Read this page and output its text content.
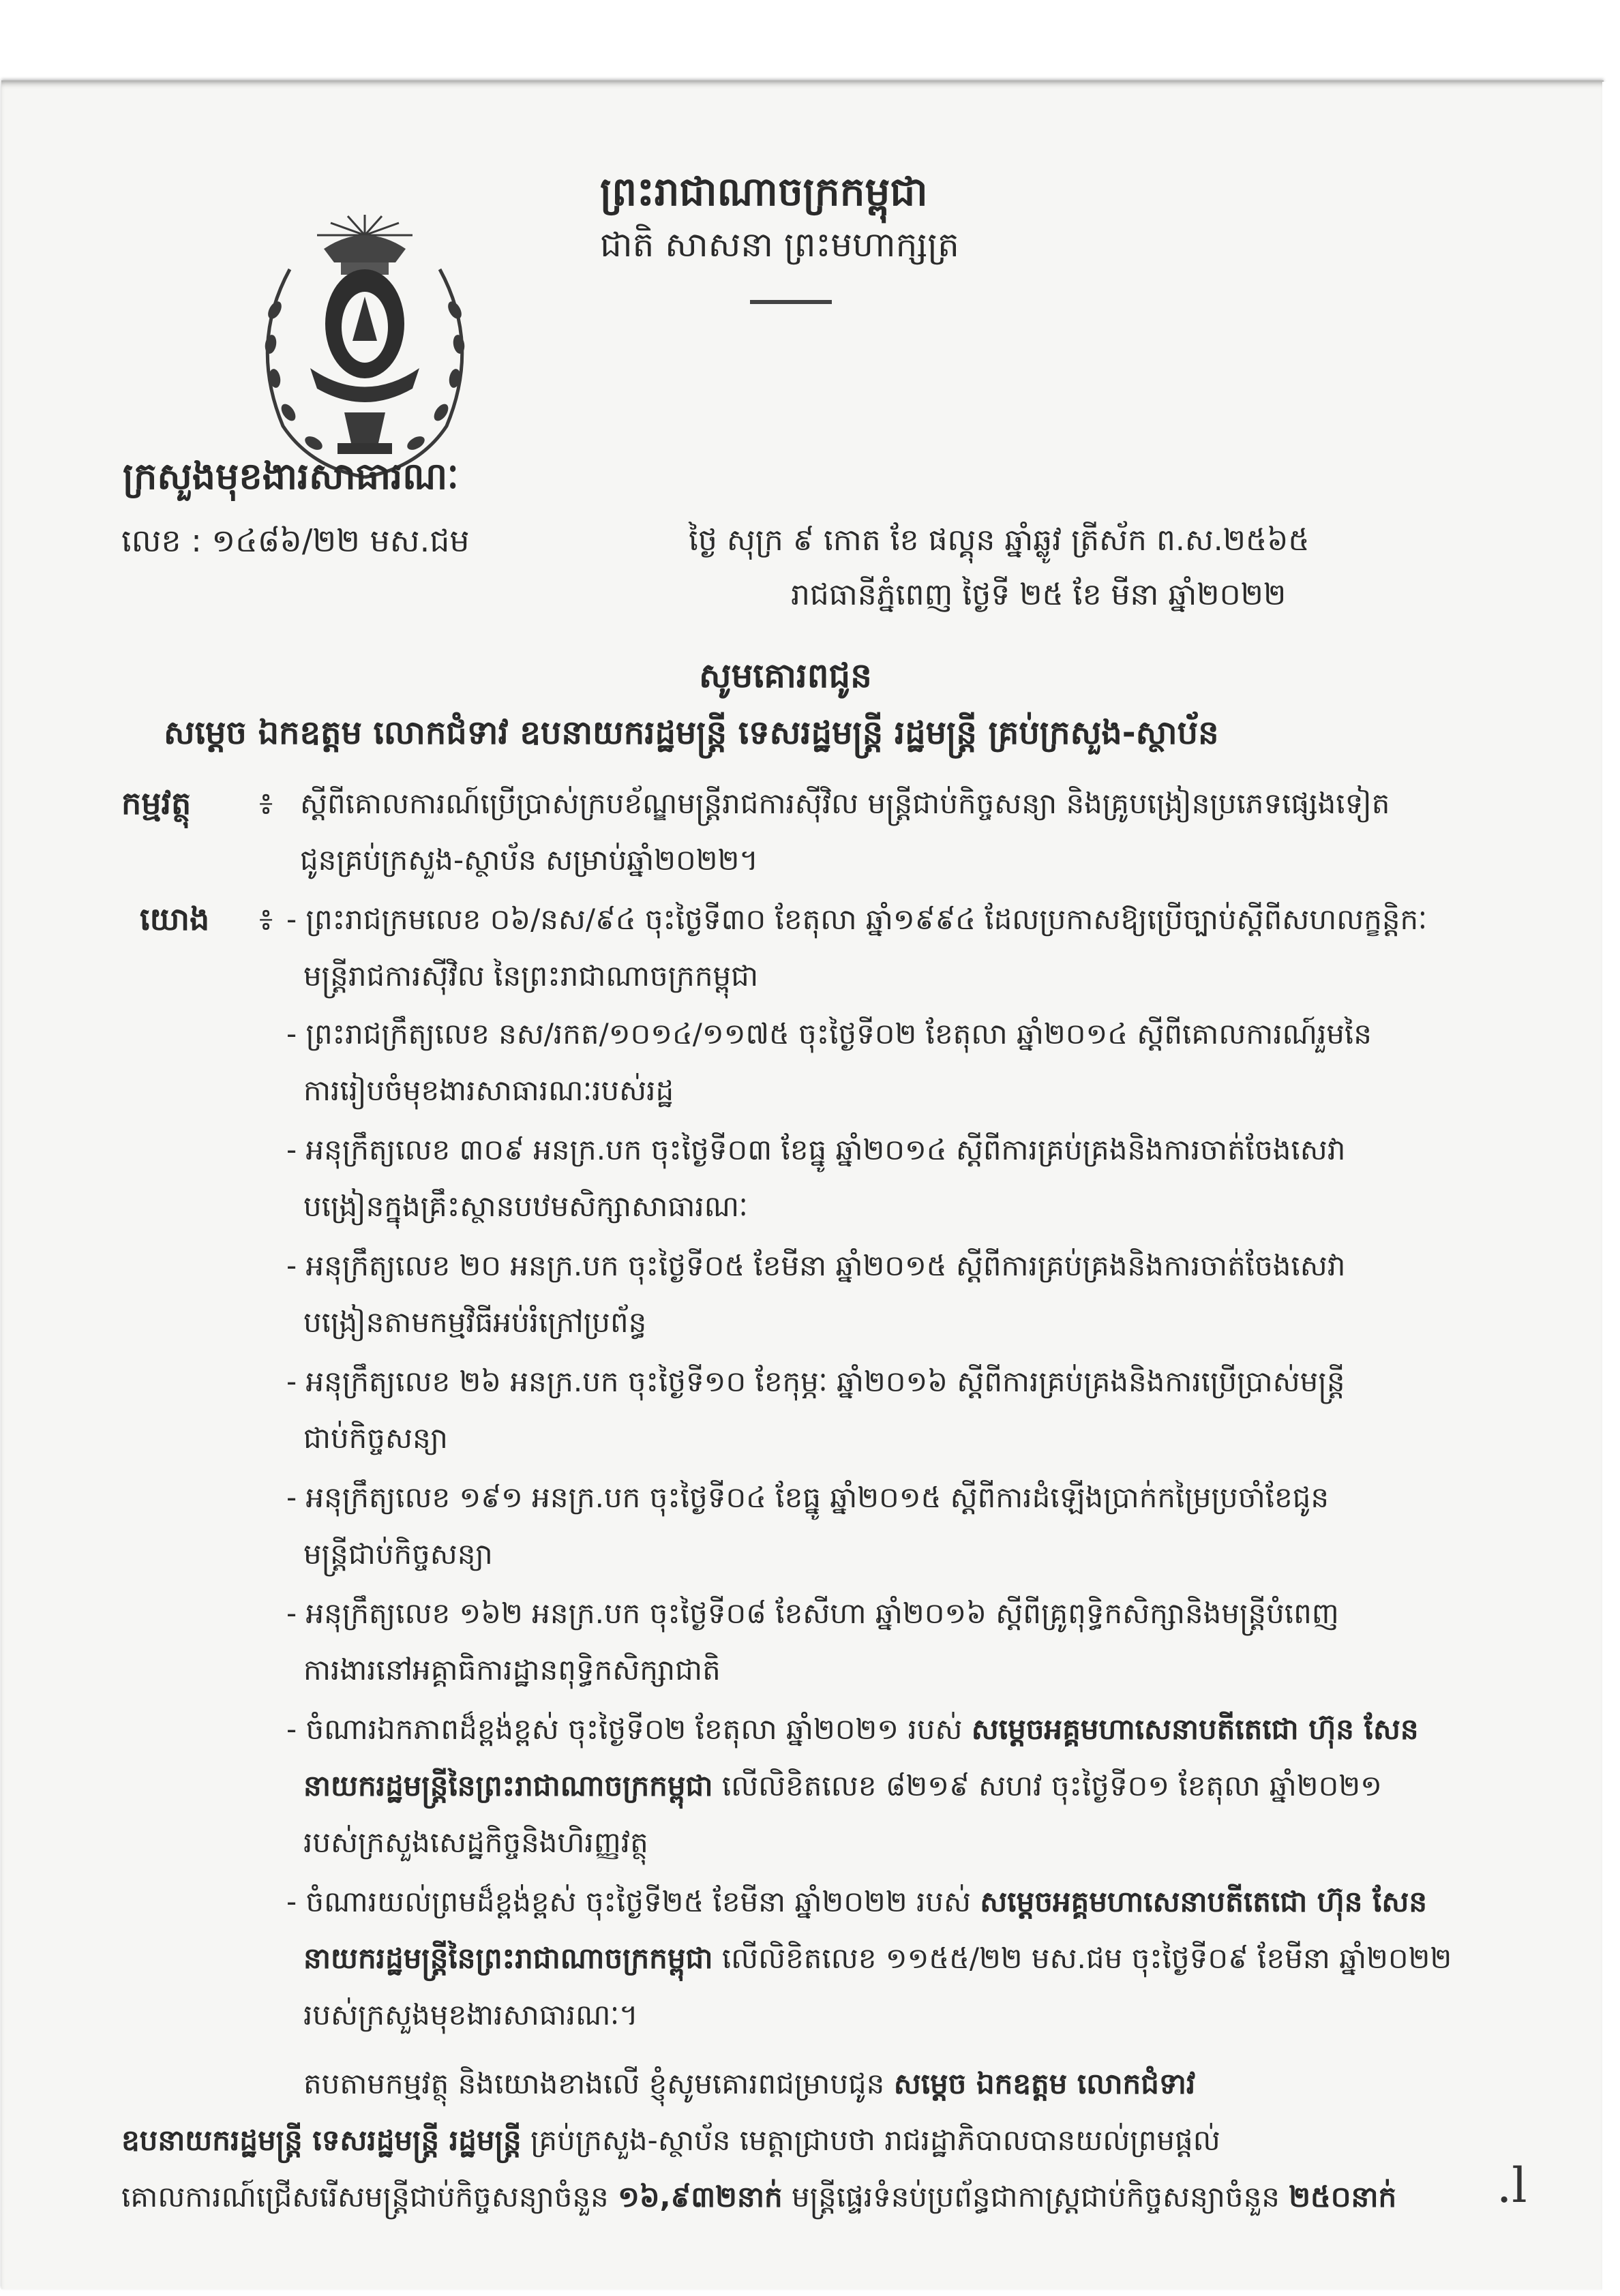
ព្រះរាជាណាចក្រកម្ពុជា
ជាតិ សាសនា ព្រះមហាក្សត្រ
ក្រសួងមុខងារសាធារណៈ
លេខ : ១៤៨៦/២២ មស.ជម	ថ្ងៃ សុក្រ ៩ កោត ខែ ផល្គុន ឆ្នាំឆ្លូវ ត្រីស័ក ព.ស.២៥៦៥
រាជធានីភ្នំពេញ ថ្ងៃទី ២៥ ខែ មីនា ឆ្នាំ២០២២
សូមគោរពជូន
សម្តេច ឯកឧត្តម លោកជំទាវ ឧបនាយករដ្ឋមន្ត្រី ទេសរដ្ឋមន្ត្រី រដ្ឋមន្ត្រី គ្រប់ក្រសួង-ស្ថាប័ន
កម្មវត្ថុ ៖ ស្តីពីគោលការណ៍ប្រើប្រាស់ក្របខ័ណ្ឌមន្ត្រីរាជការស៊ីវិល មន្ត្រីជាប់កិច្ចសន្យា និងគ្រូបង្រៀនប្រភេទផ្សេងទៀត
ជូនគ្រប់ក្រសួង-ស្ថាប័ន សម្រាប់ឆ្នាំ២០២២។
យោង ៖ - ព្រះរាជក្រមលេខ ០៦/នស/៩៤ ចុះថ្ងៃទី៣០ ខែតុលា ឆ្នាំ១៩៩៤ ដែលប្រកាសឱ្យប្រើច្បាប់ស្តីពីសហលក្ខន្តិកៈ
មន្ត្រីរាជការស៊ីវិល នៃព្រះរាជាណាចក្រកម្ពុជា
- ព្រះរាជក្រឹត្យលេខ នស/រកត/១០១៤/១១៧៥ ចុះថ្ងៃទី០២ ខែតុលា ឆ្នាំ២០១៤ ស្តីពីគោលការណ៍រួមនៃ
ការរៀបចំមុខងារសាធារណៈរបស់រដ្ឋ
- អនុក្រឹត្យលេខ ៣០៩ អនក្រ.បក ចុះថ្ងៃទី០៣ ខែធ្នូ ឆ្នាំ២០១៤ ស្តីពីការគ្រប់គ្រងនិងការចាត់ចែងសេវា
បង្រៀនក្នុងគ្រឹះស្ថានបឋមសិក្សាសាធារណៈ
- អនុក្រឹត្យលេខ ២០ អនក្រ.បក ចុះថ្ងៃទី០៥ ខែមីនា ឆ្នាំ២០១៥ ស្តីពីការគ្រប់គ្រងនិងការចាត់ចែងសេវា
បង្រៀនតាមកម្មវិធីអប់រំក្រៅប្រព័ន្ធ
- អនុក្រឹត្យលេខ ២៦ អនក្រ.បក ចុះថ្ងៃទី១០ ខែកុម្ភៈ ឆ្នាំ២០១៦ ស្តីពីការគ្រប់គ្រងនិងការប្រើប្រាស់មន្ត្រី
ជាប់កិច្ចសន្យា
- អនុក្រឹត្យលេខ ១៩១ អនក្រ.បក ចុះថ្ងៃទី០៤ ខែធ្នូ ឆ្នាំ២០១៥ ស្តីពីការដំឡើងប្រាក់កម្រៃប្រចាំខែជូន
មន្ត្រីជាប់កិច្ចសន្យា
- អនុក្រឹត្យលេខ ១៦២ អនក្រ.បក ចុះថ្ងៃទី០៨ ខែសីហា ឆ្នាំ២០១៦ ស្តីពីគ្រូពុទ្ធិកសិក្សានិងមន្ត្រីបំពេញ
ការងារនៅអគ្គាធិការដ្ឋានពុទ្ធិកសិក្សាជាតិ
- ចំណារឯកភាពដ៏ខ្ពង់ខ្ពស់ ចុះថ្ងៃទី០២ ខែតុលា ឆ្នាំ២០២១ របស់ សម្តេចអគ្គមហាសេនាបតីតេជោ ហ៊ុន សែន
នាយករដ្ឋមន្ត្រីនៃព្រះរាជាណាចក្រកម្ពុជា លើលិខិតលេខ ៨២១៩ សហវ ចុះថ្ងៃទី០១ ខែតុលា ឆ្នាំ២០២១
របស់ក្រសួងសេដ្ឋកិច្ចនិងហិរញ្ញវត្ថុ
- ចំណារយល់ព្រមដ៏ខ្ពង់ខ្ពស់ ចុះថ្ងៃទី២៥ ខែមីនា ឆ្នាំ២០២២ របស់ សម្តេចអគ្គមហាសេនាបតីតេជោ ហ៊ុន សែន
នាយករដ្ឋមន្ត្រីនៃព្រះរាជាណាចក្រកម្ពុជា លើលិខិតលេខ ១១៥៥/២២ មស.ជម ចុះថ្ងៃទី០៩ ខែមីនា ឆ្នាំ២០២២
របស់ក្រសួងមុខងារសាធារណៈ។
តបតាមកម្មវត្ថុ និងយោងខាងលើ ខ្ញុំសូមគោរពជម្រាបជូន សម្តេច ឯកឧត្តម លោកជំទាវ
ឧបនាយករដ្ឋមន្ត្រី ទេសរដ្ឋមន្ត្រី រដ្ឋមន្ត្រី គ្រប់ក្រសួង-ស្ថាប័ន មេត្តាជ្រាបថា រាជរដ្ឋាភិបាលបានយល់ព្រមផ្តល់
គោលការណ៍ជ្រើសរើសមន្ត្រីជាប់កិច្ចសន្យាចំនួន ១៦,៩៣២នាក់ មន្ត្រីផ្ទេរទំនប់ប្រព័ន្ធជាកាស្រ្តជាប់កិច្ចសន្យាចំនួន ២៥០នាក់ .l
